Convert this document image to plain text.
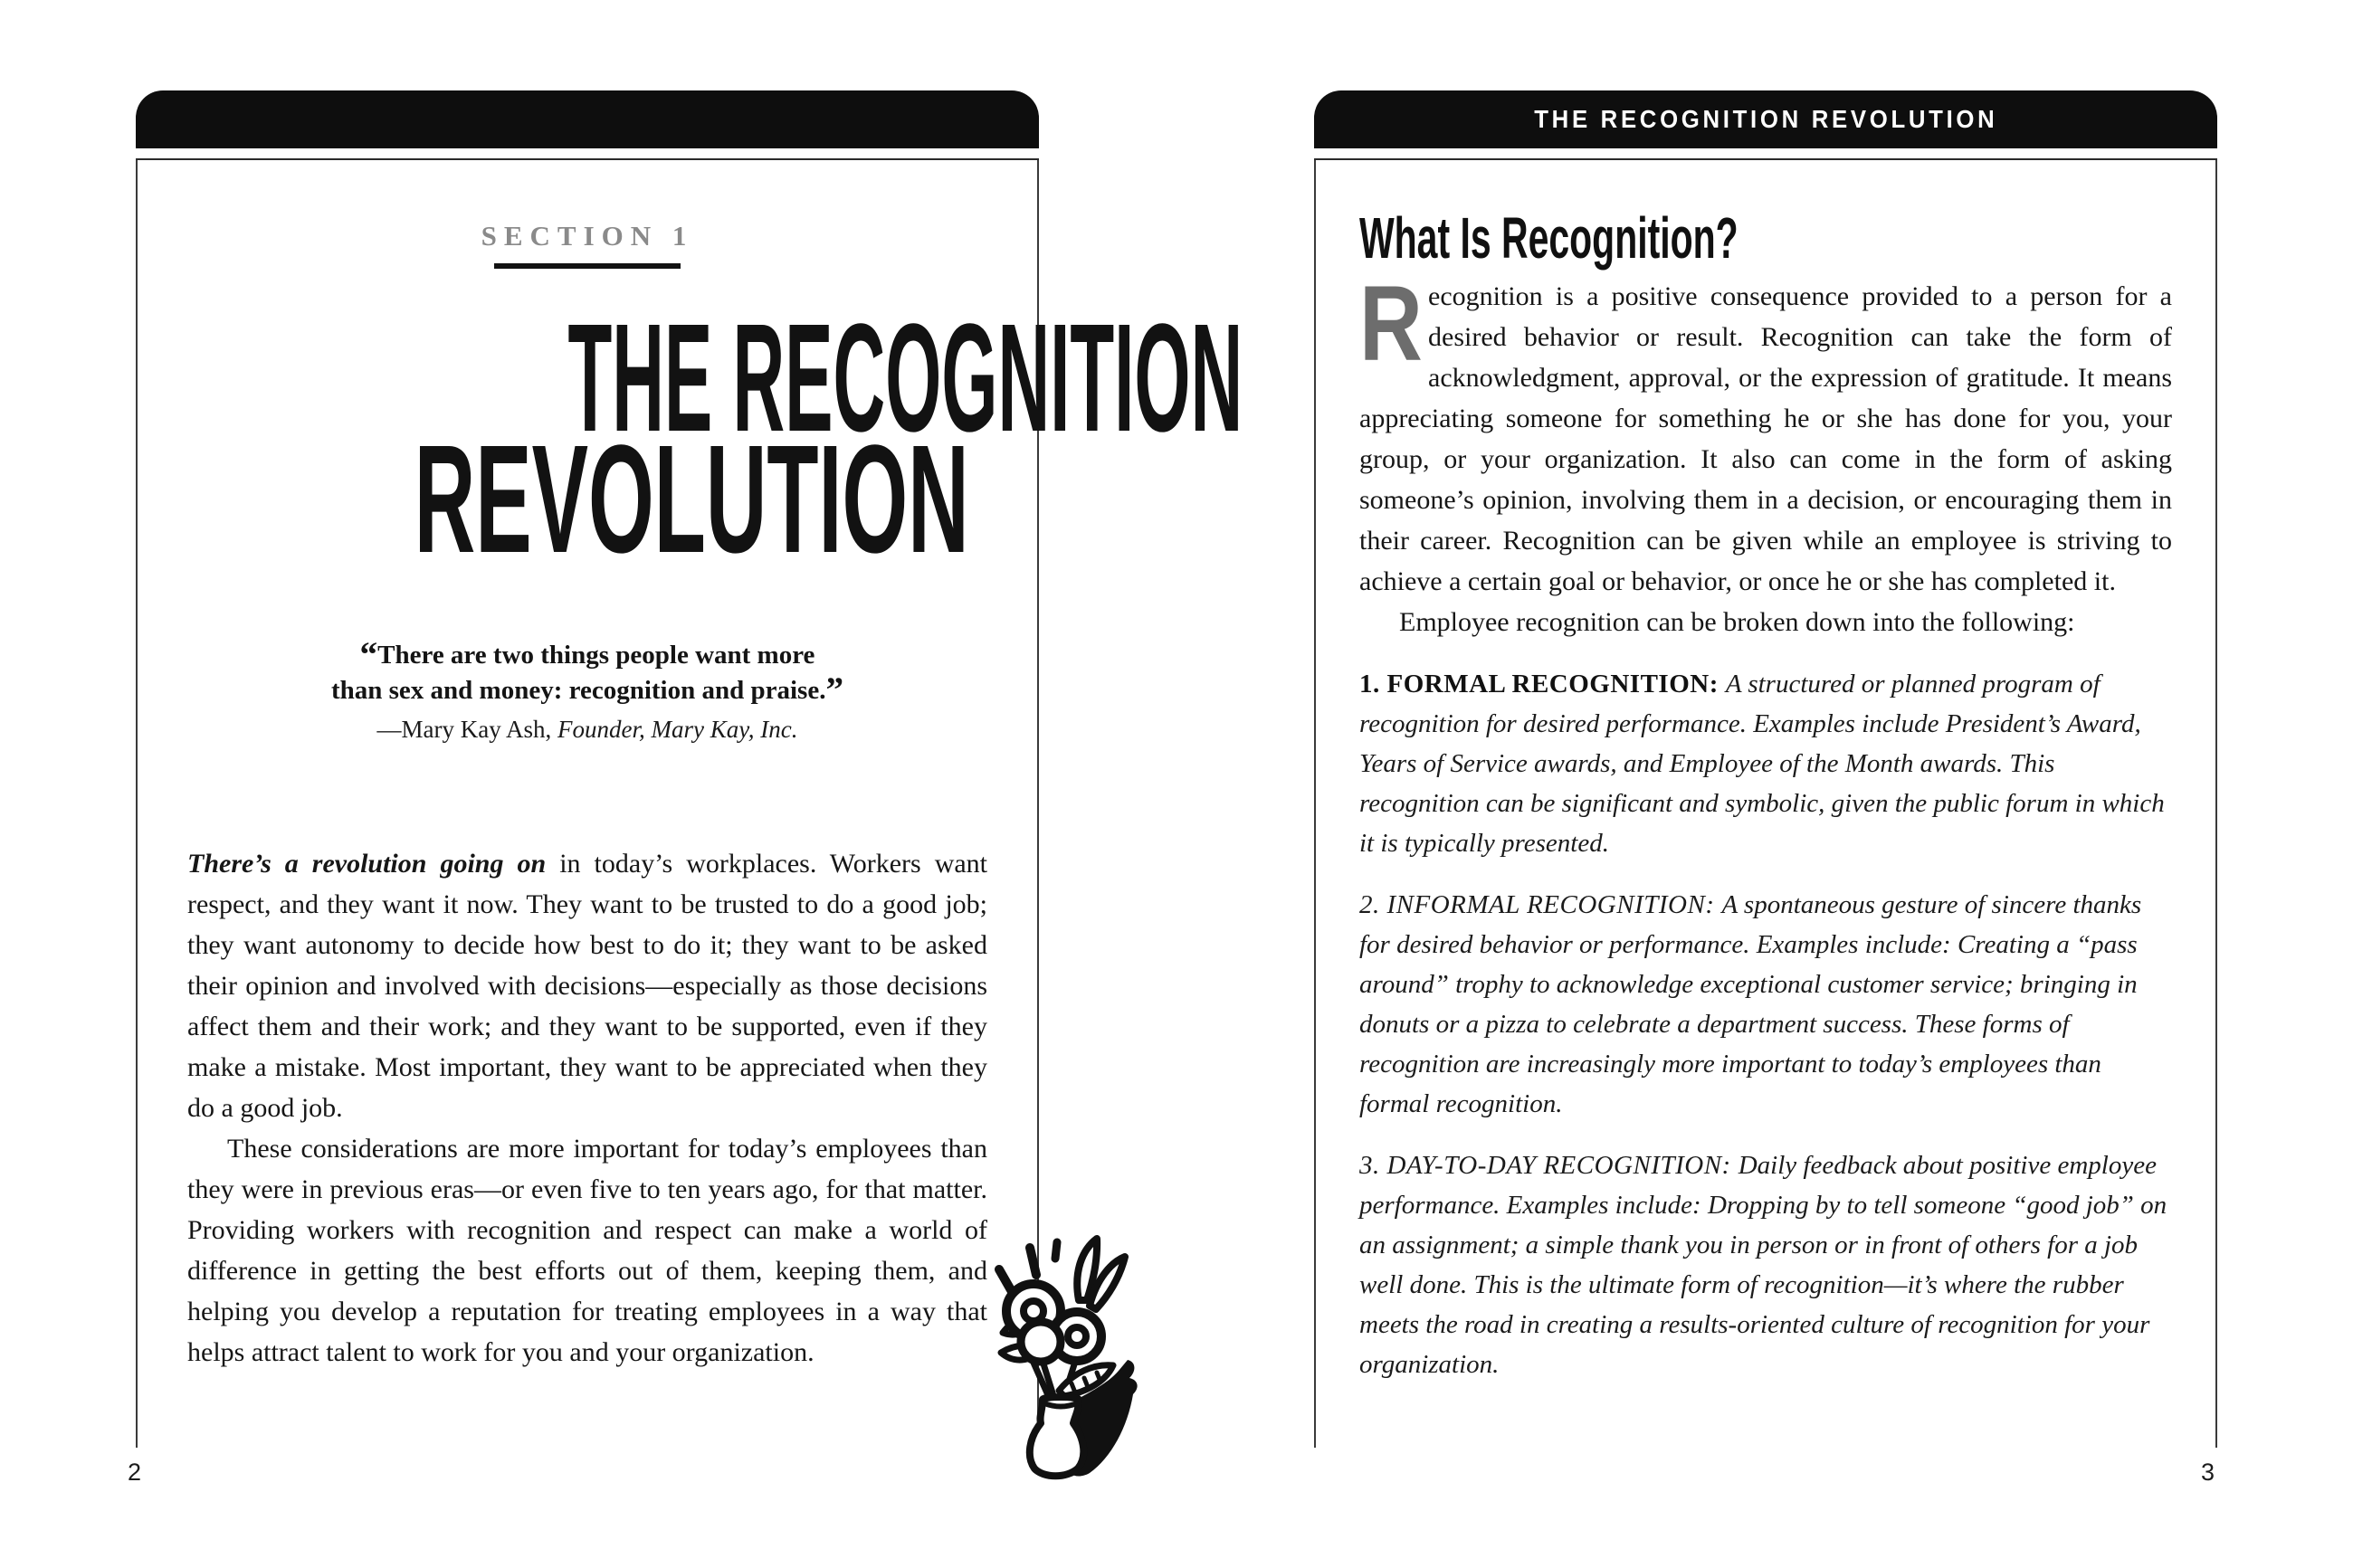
SECTION 1
THE RECOGNITION
REVOLUTION
“There are two things people want more
than sex and money: recognition and praise.”
—Mary Kay Ash, Founder, Mary Kay, Inc.

There’s a revolution going on in today’s workplaces. Workers want respect, and they want it now. They want to be trusted to do a good job; they want autonomy to decide how best to do it; they want to be asked their opinion and involved with decisions—especially as those decisions affect them and their work; and they want to be supported, even if they make a mistake. Most important, they want to be appreciated when they do a good job.

These considerations are more important for today’s employees than they were in previous eras—or even five to ten years ago, for that matter. Providing workers with recognition and respect can make a world of difference in getting the best efforts out of them, keeping them, and helping you develop a reputation for treating employees in a way that helps attract talent to work for you and your organization.

THE RECOGNITION REVOLUTION
What Is Recognition?

Recognition is a positive consequence provided to a person for a desired behavior or result. Recognition can take the form of acknowledgment, approval, or the expression of gratitude. It means appreciating someone for something he or she has done for you, your group, or your organization. It also can come in the form of asking someone’s opinion, involving them in a decision, or encouraging them in their career. Recognition can be given while an employee is striving to achieve a certain goal or behavior, or once he or she has completed it.

Employee recognition can be broken down into the following:

1. FORMAL RECOGNITION: A structured or planned program of recognition for desired performance. Examples include President’s Award, Years of Service awards, and Employee of the Month awards. This recognition can be significant and symbolic, given the public forum in which it is typically presented.
2. INFORMAL RECOGNITION: A spontaneous gesture of sincere thanks for desired behavior or performance. Examples include: Creating a “pass around” trophy to acknowledge exceptional customer service; bringing in donuts or a pizza to celebrate a department success. These forms of recognition are increasingly more important to today’s employees than formal recognition.
3. DAY-TO-DAY RECOGNITION: Daily feedback about positive employee performance. Examples include: Dropping by to tell someone “good job” on an assignment; a simple thank you in person or in front of others for a job well done. This is the ultimate form of recognition—it’s where the rubber meets the road in creating a results-oriented culture of recognition for your organization.
2	3
